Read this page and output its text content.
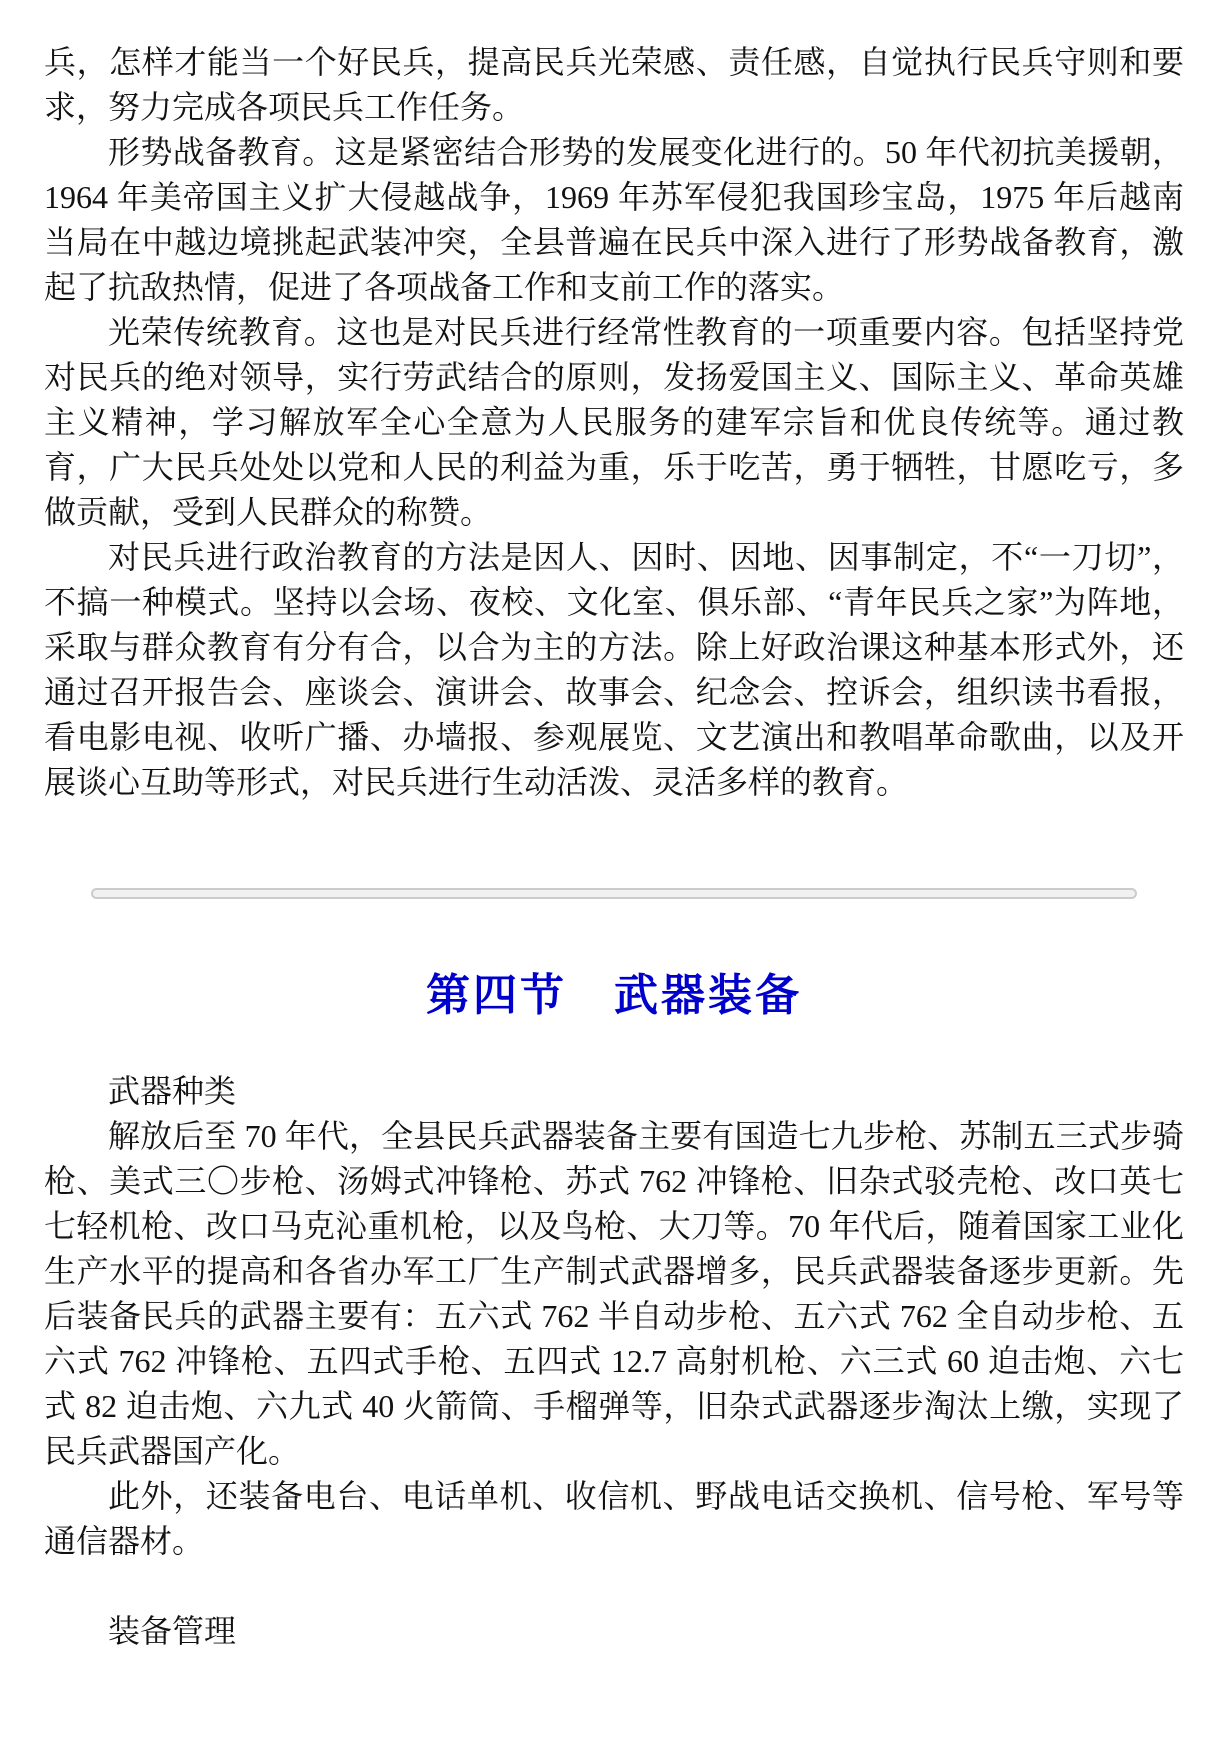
兵，怎样才能当一个好民兵，提高民兵光荣感、责任感，自觉执行民兵守则和要求，努力完成各项民兵工作任务。

形势战备教育。这是紧密结合形势的发展变化进行的。50 年代初抗美援朝，1964 年美帝国主义扩大侵越战争，1969 年苏军侵犯我国珍宝岛，1975 年后越南当局在中越边境挑起武装冲突，全县普遍在民兵中深入进行了形势战备教育，激起了抗敌热情，促进了各项战备工作和支前工作的落实。

光荣传统教育。这也是对民兵进行经常性教育的一项重要内容。包括坚持党对民兵的绝对领导，实行劳武结合的原则，发扬爱国主义、国际主义、革命英雄主义精神，学习解放军全心全意为人民服务的建军宗旨和优良传统等。通过教育，广大民兵处处以党和人民的利益为重，乐于吃苦，勇于牺牲，甘愿吃亏，多做贡献，受到人民群众的称赞。

对民兵进行政治教育的方法是因人、因时、因地、因事制定，不“一刀切”，不搞一种模式。坚持以会场、夜校、文化室、俱乐部、“青年民兵之家”为阵地，采取与群众教育有分有合，以合为主的方法。除上好政治课这种基本形式外，还通过召开报告会、座谈会、演讲会、故事会、纪念会、控诉会，组织读书看报，看电影电视、收听广播、办墙报、参观展览、文艺演出和教唱革命歌曲，以及开展谈心互助等形式，对民兵进行生动活泼、灵活多样的教育。

第四节　武器装备

武器种类

解放后至 70 年代，全县民兵武器装备主要有国造七九步枪、苏制五三式步骑枪、美式三〇步枪、汤姆式冲锋枪、苏式 762 冲锋枪、旧杂式驳壳枪、改口英七七轻机枪、改口马克沁重机枪，以及鸟枪、大刀等。70 年代后，随着国家工业化生产水平的提高和各省办军工厂生产制式武器增多，民兵武器装备逐步更新。先后装备民兵的武器主要有：五六式 762 半自动步枪、五六式 762 全自动步枪、五六式 762 冲锋枪、五四式手枪、五四式 12.7 高射机枪、六三式 60 迫击炮、六七式 82 迫击炮、六九式 40 火箭筒、手榴弹等，旧杂式武器逐步淘汰上缴，实现了民兵武器国产化。

此外，还装备电台、电话单机、收信机、野战电话交换机、信号枪、军号等通信器材。

装备管理
